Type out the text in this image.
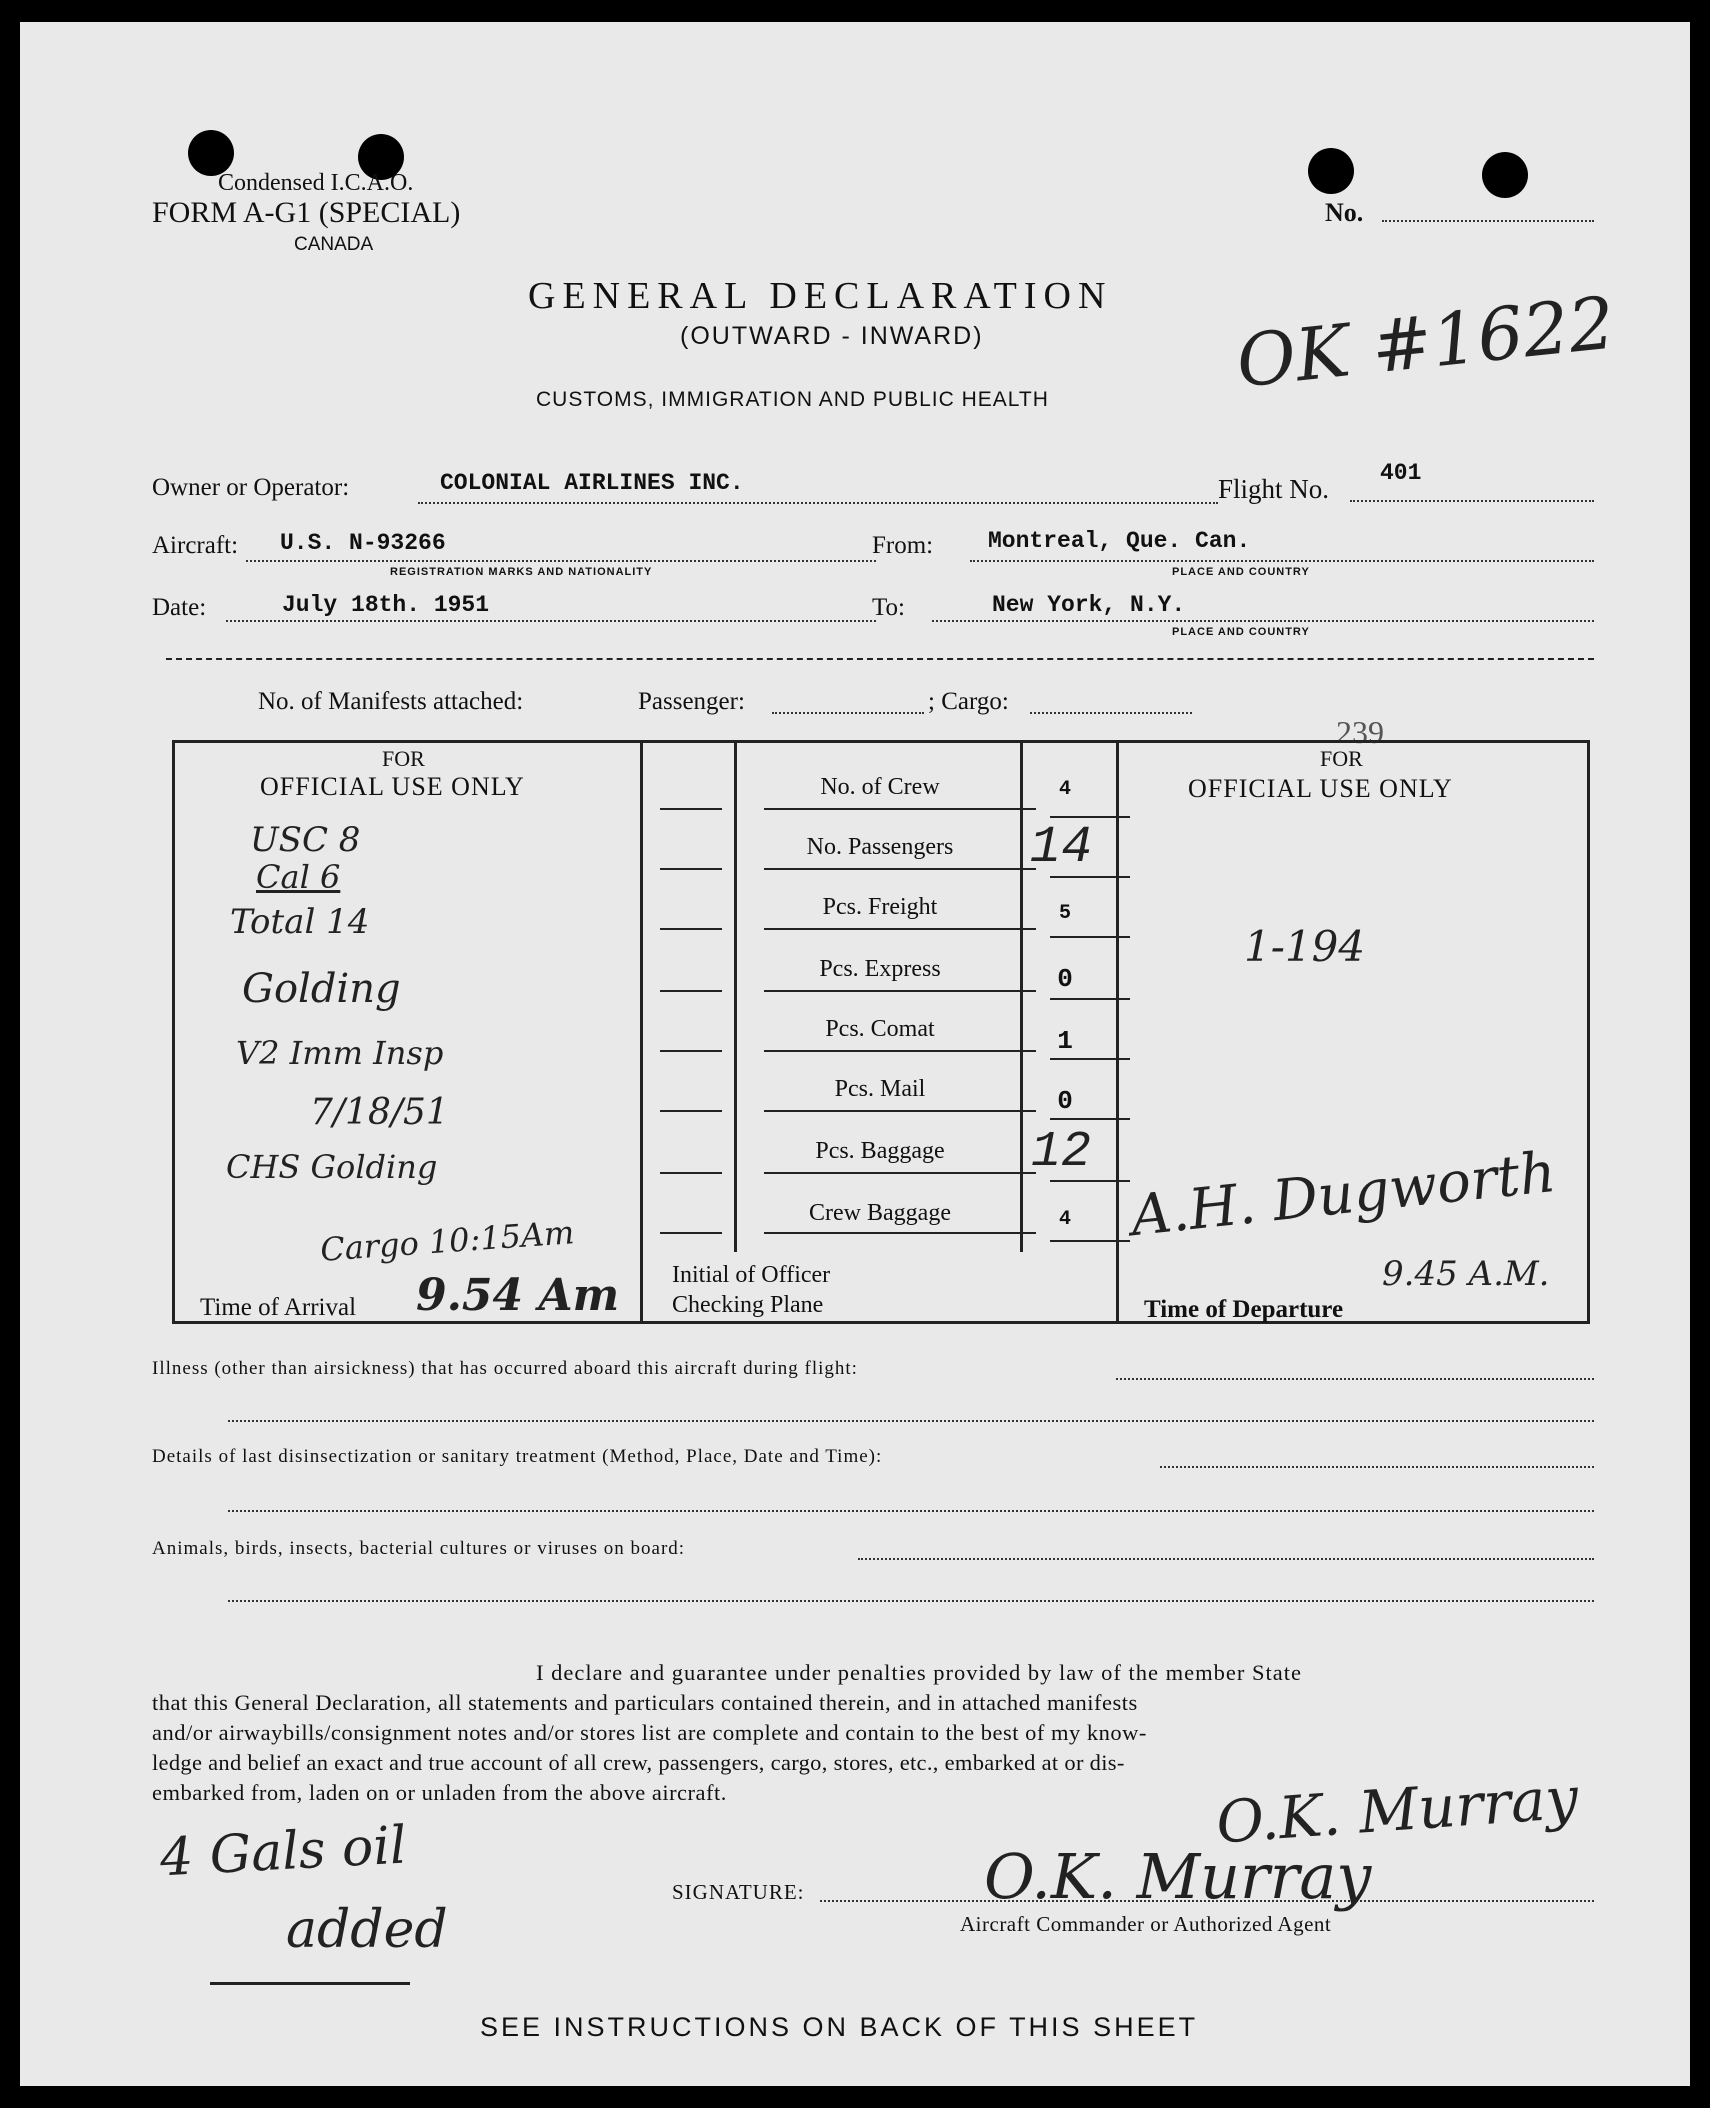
Condensed I.C.A.O.
FORM A-G1 (SPECIAL)
CANADA
No.
GENERAL DECLARATION
(OUTWARD - INWARD)
CUSTOMS, IMMIGRATION AND PUBLIC HEALTH	OK #1622
Owner or Operator:	COLONIAL AIRLINES INC.	Flight No.
401
Aircraft: U.S. N-93266
REGISTRATION MARKS AND NATIONALITY
From: Montreal, Que. Can.
PLACE AND COUNTRY
Date:	July 18th. 1951	To:	New York, N.Y.
PLACE AND COUNTRY
No. of Manifests attached:	Passenger:	; Cargo:
239
FOR
OFFICIAL USE ONLY
FOR
OFFICIAL USE ONLY
No. of Crew	4
No. Passengers	14
Pcs. Freight	5
Pcs. Express	0
Pcs. Comat	1
Pcs. Mail	0
Pcs. Baggage	12
Crew Baggage	4
USC 8
Cal 6
Total 14
Golding
V2 Imm Insp
7/18/51
CHS Golding
Cargo 10:15Am
1-194
Time of Arrival 9.54 Am Initial of Officer
Checking Plane	Time of Departure
A.H. Dugworth
9.45 A.M.
Illness (other than airsickness) that has occurred aboard this aircraft during flight:
Details of last disinsectization or sanitary treatment (Method, Place, Date and Time):
Animals, birds, insects, bacterial cultures or viruses on board:
I declare and guarantee under penalties provided by law of the member State
that this General Declaration, all statements and particulars contained therein, and in attached manifests
and/or airwaybills/consignment notes and/or stores list are complete and contain to the best of my know-
ledge and belief an exact and true account of all crew, passengers, cargo, stores, etc., embarked at or dis-
embarked from, laden on or unladen from the above aircraft.
4 Gals oil
added
SIGNATURE:
O.K. Murray
O.K. Murray
Aircraft Commander or Authorized Agent
SEE INSTRUCTIONS ON BACK OF THIS SHEET
